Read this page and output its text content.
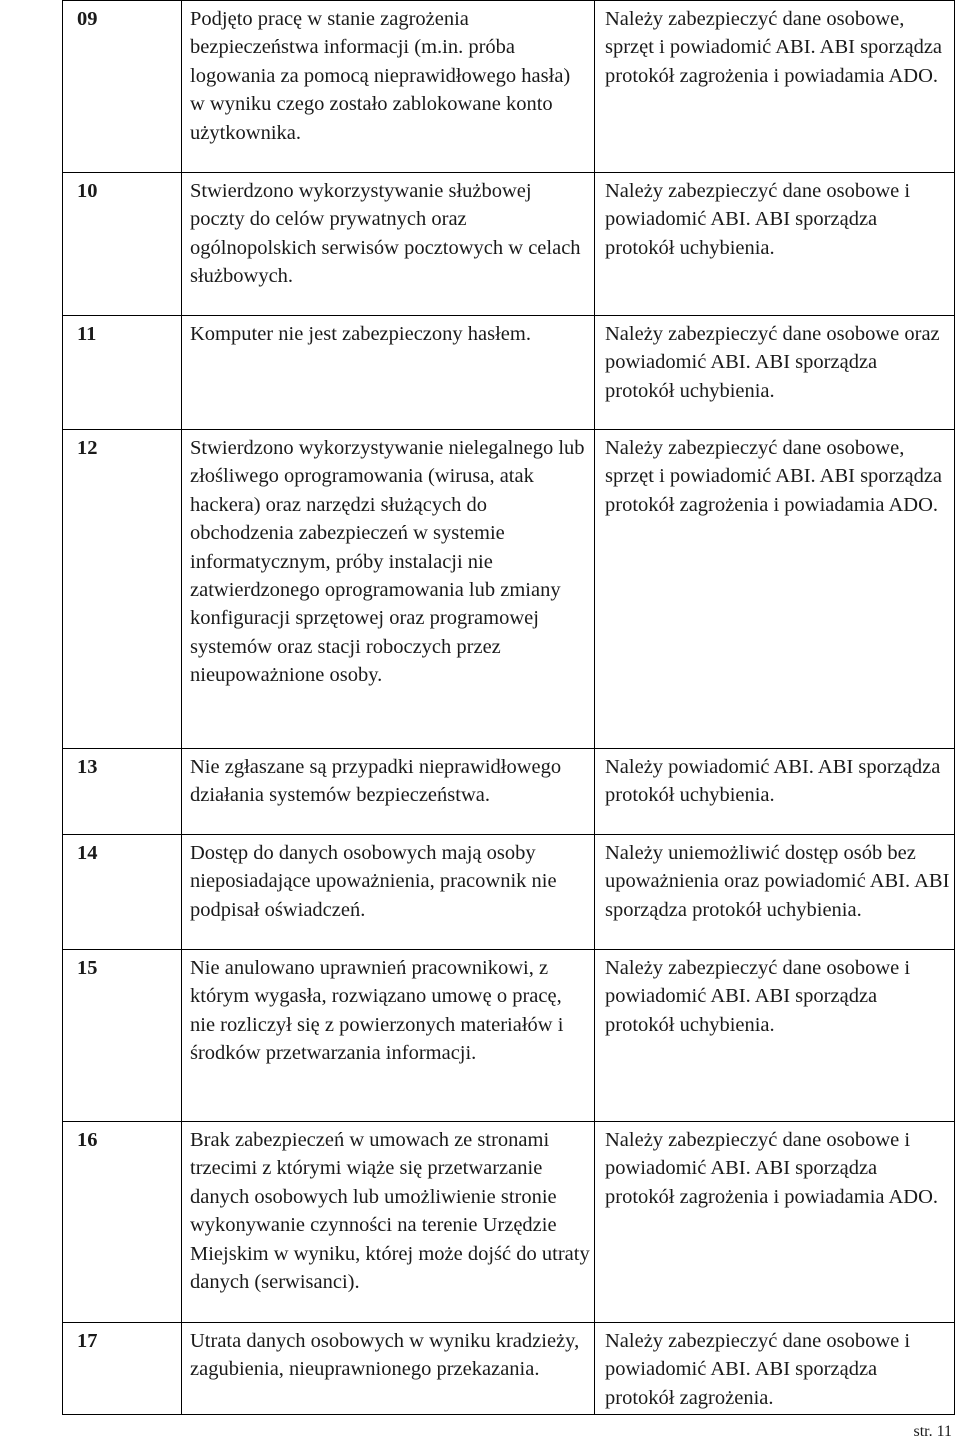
09	Podjęto pracę w stanie zagrożenia bezpieczeństwa informacji (m.in. próba logowania za pomocą nieprawidłowego hasła) w wyniku czego zostało zablokowane konto użytkownika.	Należy zabezpieczyć dane osobowe, sprzęt i powiadomić ABI. ABI sporządza protokół zagrożenia i powiadamia ADO.
10	Stwierdzono wykorzystywanie służbowej poczty do celów prywatnych oraz ogólnopolskich serwisów pocztowych w celach służbowych.	Należy zabezpieczyć dane osobowe i powiadomić ABI. ABI sporządza protokół uchybienia.
11	Komputer nie jest zabezpieczony hasłem.	Należy zabezpieczyć dane osobowe oraz powiadomić ABI. ABI sporządza protokół uchybienia.
12	Stwierdzono wykorzystywanie nielegalnego lub złośliwego oprogramowania (wirusa, atak hackera) oraz narzędzi służących do obchodzenia zabezpieczeń w systemie informatycznym, próby instalacji nie zatwierdzonego oprogramowania lub zmiany konfiguracji sprzętowej oraz programowej systemów oraz stacji roboczych przez nieupoważnione osoby.	Należy zabezpieczyć dane osobowe, sprzęt i powiadomić ABI. ABI sporządza protokół zagrożenia i powiadamia ADO.
13	Nie zgłaszane są przypadki nieprawidłowego działania systemów bezpieczeństwa.	Należy powiadomić ABI. ABI sporządza protokół uchybienia.
14	Dostęp do danych osobowych mają osoby nieposiadające upoważnienia, pracownik nie podpisał oświadczeń.	Należy uniemożliwić dostęp osób bez upoważnienia oraz powiadomić ABI. ABI sporządza protokół uchybienia.
15	Nie anulowano uprawnień pracownikowi, z którym wygasła, rozwiązano umowę o pracę, nie rozliczył się z powierzonych materiałów i środków przetwarzania informacji.	Należy zabezpieczyć dane osobowe i powiadomić ABI. ABI sporządza protokół uchybienia.
16	Brak zabezpieczeń w umowach ze stronami trzecimi z którymi wiąże się przetwarzanie danych osobowych lub umożliwienie stronie wykonywanie czynności na terenie Urzędzie Miejskim w wyniku, której może dojść do utraty danych (serwisanci).	Należy zabezpieczyć dane osobowe i powiadomić ABI. ABI sporządza protokół zagrożenia i powiadamia ADO.
17	Utrata danych osobowych w wyniku kradzieży, zagubienia, nieuprawnionego przekazania.	Należy zabezpieczyć dane osobowe i powiadomić ABI. ABI sporządza protokół zagrożenia.
str. 11
